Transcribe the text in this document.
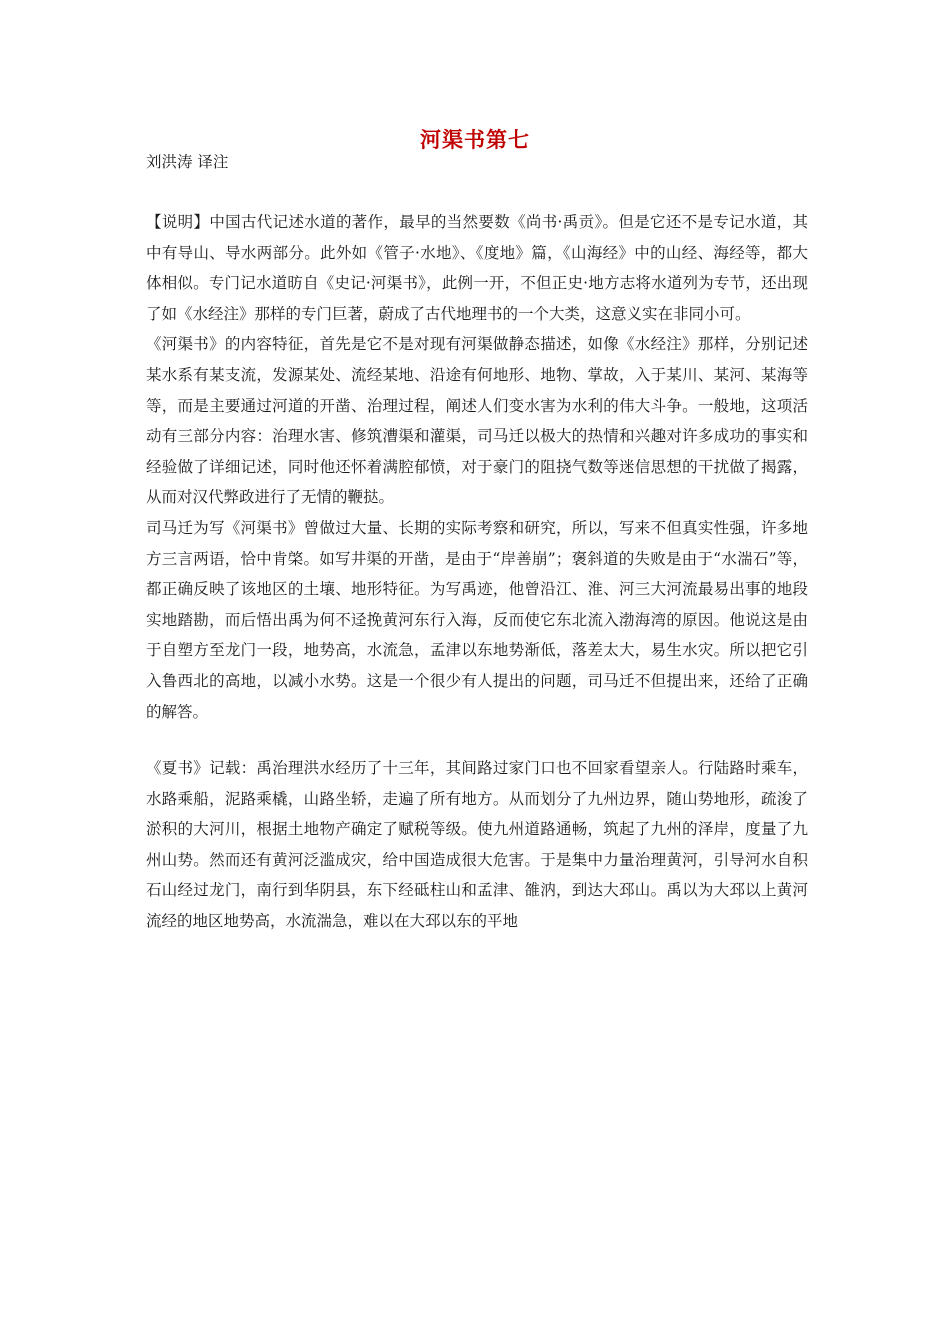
河渠书第七
刘洪涛 译注

【说明】中国古代记述水道的著作，最早的当然要数《尚书·禹贡》。但是它还不是专记水道，其中有导山、导水两部分。此外如《管子·水地》、《度地》篇，《山海经》中的山经、海经等，都大体相似。专门记水道昉自《史记·河渠书》，此例一开，不但正史·地方志将水道列为专节，还出现了如《水经注》那样的专门巨著，蔚成了古代地理书的一个大类，这意义实在非同小可。

《河渠书》的内容特征，首先是它不是对现有河渠做静态描述，如像《水经注》那样，分别记述某水系有某支流，发源某处、流经某地、沿途有何地形、地物、掌故，入于某川、某河、某海等等，而是主要通过河道的开凿、治理过程，阐述人们变水害为水利的伟大斗争。一般地，这项活动有三部分内容：治理水害、修筑漕渠和灌渠，司马迁以极大的热情和兴趣对许多成功的事实和经验做了详细记述，同时他还怀着满腔郁愤，对于豪门的阻挠气数等迷信思想的干扰做了揭露，从而对汉代弊政进行了无情的鞭挞。

司马迁为写《河渠书》曾做过大量、长期的实际考察和研究，所以，写来不但真实性强，许多地方三言两语，恰中肯棨。如写井渠的开凿，是由于“岸善崩”；褒斜道的失败是由于“水湍石”等，都正确反映了该地区的土壤、地形特征。为写禹迹，他曾沿江、淮、河三大河流最易出事的地段实地踏勘，而后悟出禹为何不迳挽黄河东行入海，反而使它东北流入渤海湾的原因。他说这是由于自塑方至龙门一段，地势高，水流急，孟津以东地势渐低，落差太大，易生水灾。所以把它引入鲁西北的高地，以减小水势。这是一个很少有人提出的问题，司马迁不但提出来，还给了正确的解答。

《夏书》记载：禹治理洪水经历了十三年，其间路过家门口也不回家看望亲人。行陆路时乘车，水路乘船，泥路乘橇，山路坐轿，走遍了所有地方。从而划分了九州边界，随山势地形，疏浚了淤积的大河川，根据土地物产确定了赋税等级。使九州道路通畅，筑起了九州的泽岸，度量了九州山势。然而还有黄河泛滥成灾，给中国造成很大危害。于是集中力量治理黄河，引导河水自积石山经过龙门，南行到华阴县，东下经砥柱山和孟津、雒汭，到达大邳山。禹以为大邳以上黄河流经的地区地势高，水流湍急，难以在大邳以东的平地
